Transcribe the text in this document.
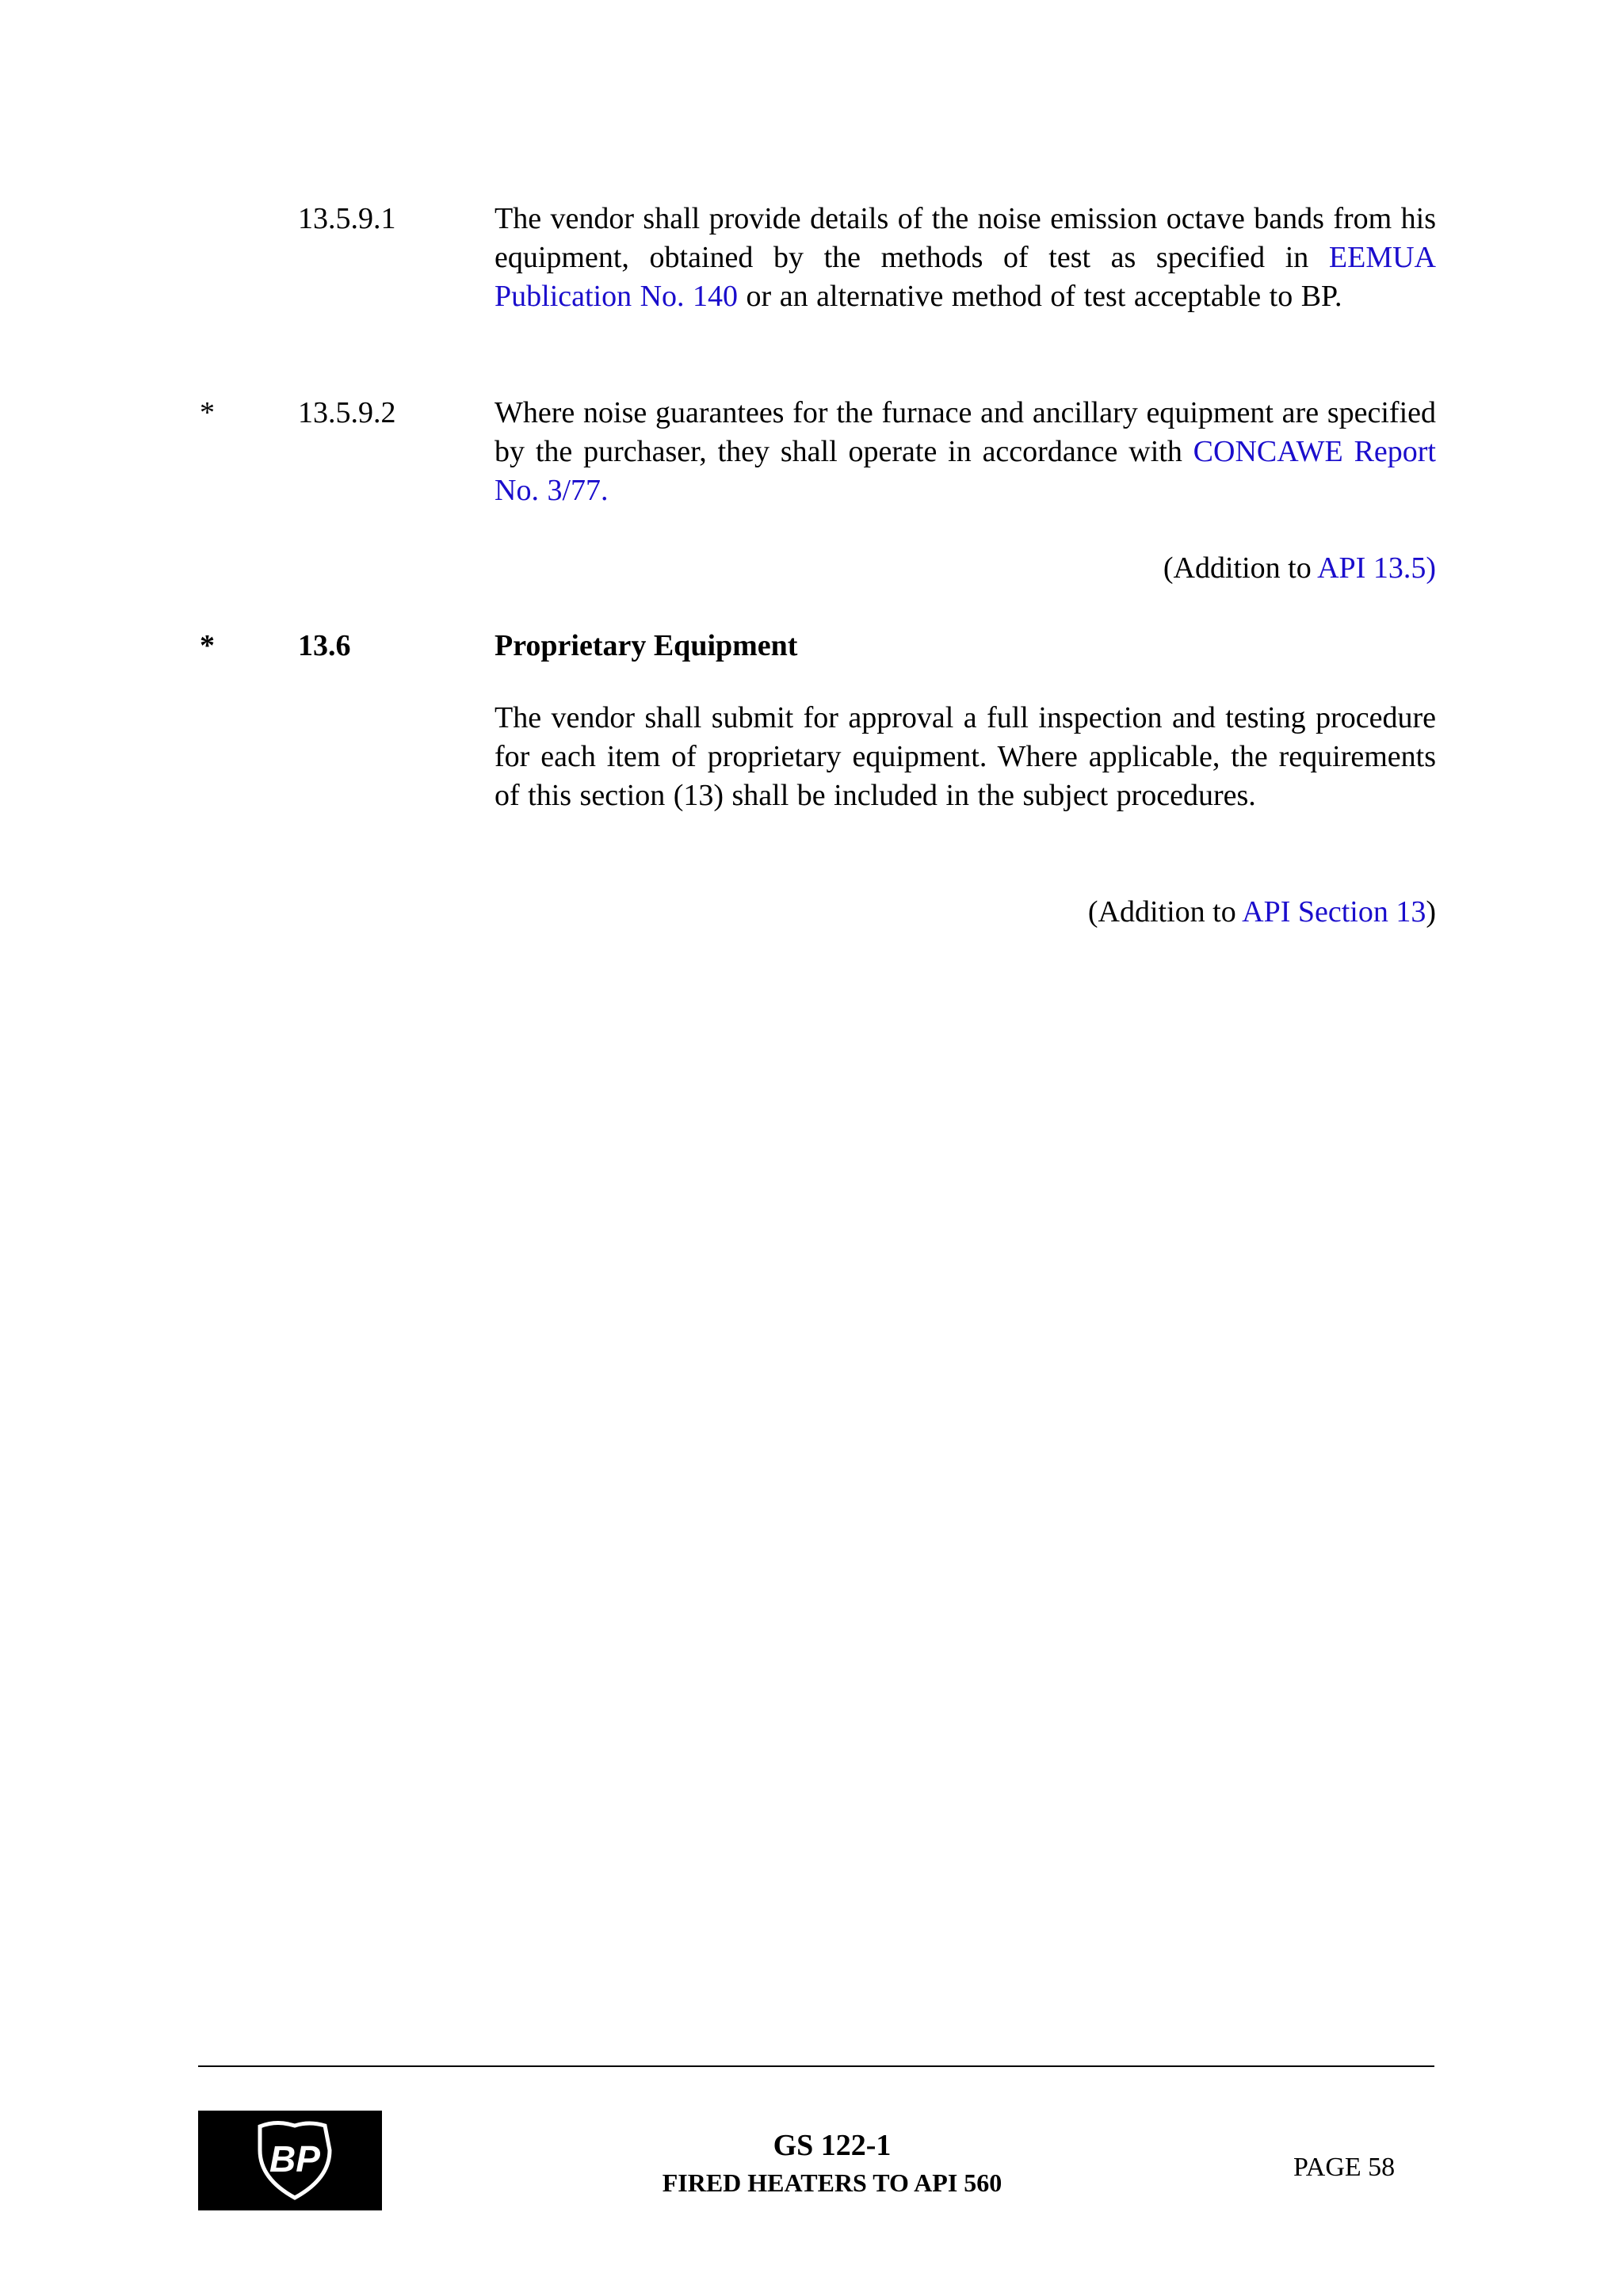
13.5.9.1	The vendor shall provide details of the noise emission octave bands from his equipment, obtained by the methods of test as specified in EEMUA Publication No. 140 or an alternative method of test acceptable to BP.
*	13.5.9.2	Where noise guarantees for the furnace and ancillary equipment are specified by the purchaser, they shall operate in accordance with CONCAWE Report No. 3/77.
(Addition to API 13.5)
*	13.6	Proprietary Equipment
The vendor shall submit for approval a full inspection and testing procedure for each item of proprietary equipment. Where applicable, the requirements of this section (13) shall be included in the subject procedures.
(Addition to API Section 13)
BP	GS 122-1
FIRED HEATERS TO API 560
PAGE 58
